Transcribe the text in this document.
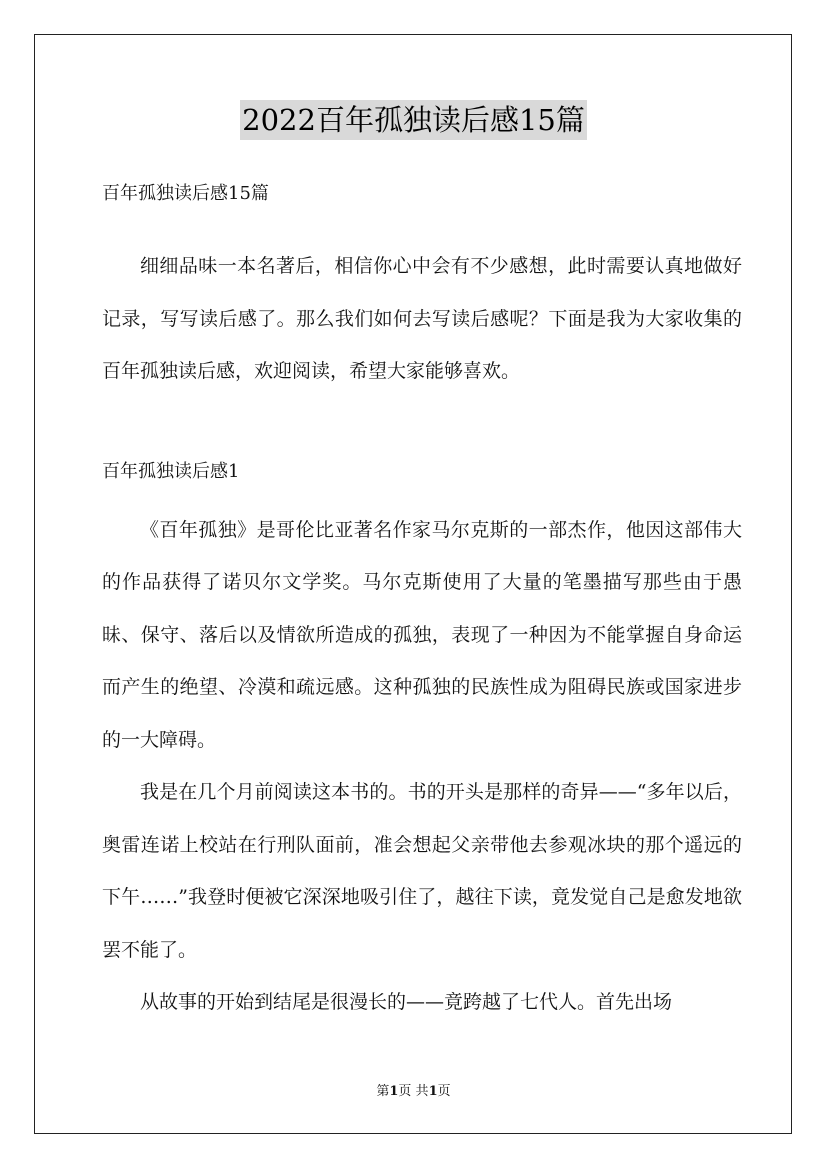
2022百年孤独读后感15篇

百年孤独读后感15篇

细细品味一本名著后，相信你心中会有不少感想，此时需要认真地做好记录，写写读后感了。那么我们如何去写读后感呢？下面是我为大家收集的百年孤独读后感，欢迎阅读，希望大家能够喜欢。

百年孤独读后感1

《百年孤独》是哥伦比亚著名作家马尔克斯的一部杰作，他因这部伟大的作品获得了诺贝尔文学奖。马尔克斯使用了大量的笔墨描写那些由于愚昧、保守、落后以及情欲所造成的孤独，表现了一种因为不能掌握自身命运而产生的绝望、冷漠和疏远感。这种孤独的民族性成为阻碍民族或国家进步的一大障碍。

我是在几个月前阅读这本书的。书的开头是那样的奇异——“多年以后，奥雷连诺上校站在行刑队面前，准会想起父亲带他去参观冰块的那个遥远的下午……”我登时便被它深深地吸引住了，越往下读，竟发觉自己是愈发地欲罢不能了。

从故事的开始到结尾是很漫长的——竟跨越了七代人。首先出场

第1页 共1页
